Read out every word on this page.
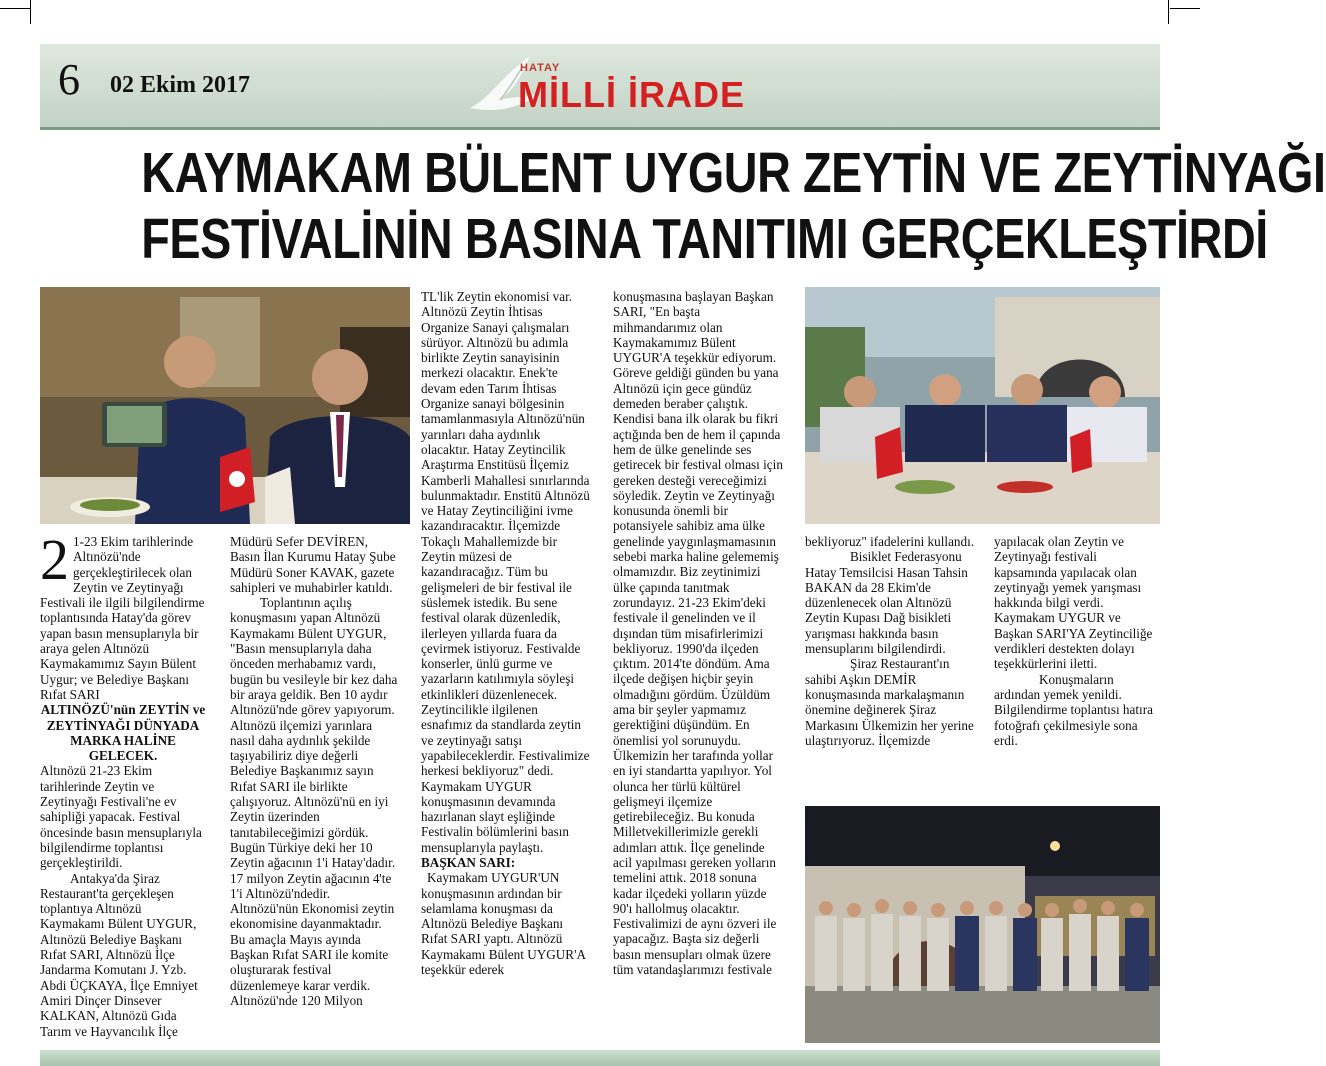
6 02 Ekim 2017
HATAY
MİLLİ İRADE
KAYMAKAM BÜLENT UYGUR ZEYTİN VE ZEYTİNYAĞI
FESTİVALİNİN BASINA TANITIMI GERÇEKLEŞTİRDİ
2 1-23 Ekim tarihlerinde Altınözü'nde gerçekleştirilecek olan Zeytin ve Zeytinyağı Festivali ile ilgili bilgilendirme toplantısında Hatay'da görev yapan basın mensuplarıyla bir araya gelen Altınözü Kaymakamımız Sayın Bülent Uygur; ve Belediye Başkanı Rıfat SARI

ALTINÖZÜ'nün ZEYTİN ve ZEYTİNYAĞI DÜNYADA MARKA HALİNE GELECEK.

Altınözü 21-23 Ekim tarihlerinde Zeytin ve Zeytinyağı Festivali'ne ev sahipliği yapacak. Festival öncesinde basın mensuplarıyla bilgilendirme toplantısı gerçekleştirildi.

Antakya'da Şiraz Restaurant'ta gerçekleşen toplantıya Altınözü Kaymakamı Bülent UYGUR, Altınözü Belediye Başkanı Rıfat SARI, Altınözü İlçe Jandarma Komutanı J. Yzb. Abdi ÜÇKAYA, İlçe Emniyet Amiri Dinçer Dinsever KALKAN, Altınözü Gıda Tarım ve Hayvancılık İlçe

Müdürü Sefer DEVİREN, Basın İlan Kurumu Hatay Şube Müdürü Soner KAVAK, gazete sahipleri ve muhabirler katıldı.

Toplantının açılış konuşmasını yapan Altınözü Kaymakamı Bülent UYGUR, "Basın mensuplarıyla daha önceden merhabamız vardı, bugün bu vesileyle bir kez daha bir araya geldik. Ben 10 aydır Altınözü'nde görev yapıyorum. Altınözü ilçemizi yarınlara nasıl daha aydınlık şekilde taşıyabiliriz diye değerli Belediye Başkanımız sayın Rıfat SARI ile birlikte çalışıyoruz. Altınözü'nü en iyi Zeytin üzerinden tanıtabileceğimizi gördük. Bugün Türkiye deki her 10 Zeytin ağacının 1'i Hatay'dadır. 17 milyon Zeytin ağacının 4'te 1'i Altınözü'ndedir. Altınözü'nün Ekonomisi zeytin ekonomisine dayanmaktadır. Bu amaçla Mayıs ayında Başkan Rıfat SARI ile komite oluşturarak festival düzenlemeye karar verdik. Altınözü'nde 120 Milyon

TL'lik Zeytin ekonomisi var. Altınözü Zeytin İhtisas Organize Sanayi çalışmaları sürüyor. Altınözü bu adımla birlikte Zeytin sanayisinin merkezi olacaktır. Enek'te devam eden Tarım İhtisas Organize sanayi bölgesinin tamamlanmasıyla Altınözü'nün yarınları daha aydınlık olacaktır. Hatay Zeytincilik Araştırma Enstitüsü İlçemiz Kamberli Mahallesi sınırlarında bulunmaktadır. Enstitü Altınözü ve Hatay Zeytinciliğini ivme kazandıracaktır. İlçemizde Tokaçlı Mahallemizde bir Zeytin müzesi de kazandıracağız. Tüm bu gelişmeleri de bir festival ile süslemek istedik. Bu sene festival olarak düzenledik, ilerleyen yıllarda fuara da çevirmek istiyoruz. Festivalde konserler, ünlü gurme ve yazarların katılımıyla söyleşi etkinlikleri düzenlenecek. Zeytincilikle ilgilenen esnafımız da standlarda zeytin ve zeytinyağı satışı yapabileceklerdir. Festivalimize herkesi bekliyoruz" dedi. Kaymakam UYGUR konuşmasının devamında hazırlanan slayt eşliğinde Festivalin bölümlerini basın mensuplarıyla paylaştı.

BAŞKAN SARI:

Kaymakam UYGUR'UN konuşmasının ardından bir selamlama konuşması da Altınözü Belediye Başkanı Rıfat SARI yaptı. Altınözü Kaymakamı Bülent UYGUR'A teşekkür ederek

konuşmasına başlayan Başkan SARI, "En başta mihmandarımız olan Kaymakamımız Bülent UYGUR'A teşekkür ediyorum. Göreve geldiği günden bu yana Altınözü için gece gündüz demeden beraber çalıştık. Kendisi bana ilk olarak bu fikri açtığında ben de hem il çapında hem de ülke genelinde ses getirecek bir festival olması için gereken desteği vereceğimizi söyledik. Zeytin ve Zeytinyağı konusunda önemli bir potansiyele sahibiz ama ülke genelinde yaygınlaşmamasının sebebi marka haline gelememiş olmamızdır. Biz zeytinimizi ülke çapında tanıtmak zorundayız. 21-23 Ekim'deki festivale il genelinden ve il dışından tüm misafirlerimizi bekliyoruz. 1990'da ilçeden çıktım. 2014'te döndüm. Ama ilçede değişen hiçbir şeyin olmadığını gördüm. Üzüldüm ama bir şeyler yapmamız gerektiğini düşündüm. En önemlisi yol sorunuydu. Ülkemizin her tarafında yollar en iyi standartta yapılıyor. Yol olunca her türlü kültürel gelişmeyi ilçemize getirebileceğiz. Bu konuda Milletvekillerimizle gerekli adımları attık. İlçe genelinde acil yapılması gereken yolların temelini attık. 2018 sonuna kadar ilçedeki yolların yüzde 90'ı hallolmuş olacaktır. Festivalimizi de aynı özveri ile yapacağız. Başta siz değerli basın mensupları olmak üzere tüm vatandaşlarımızı festivale

bekliyoruz" ifadelerini kullandı.

Bisiklet Federasyonu Hatay Temsilcisi Hasan Tahsin BAKAN da 28 Ekim'de düzenlenecek olan Altınözü Zeytin Kupası Dağ bisikleti yarışması hakkında basın mensuplarını bilgilendirdi.

Şiraz Restaurant'ın sahibi Aşkın DEMİR konuşmasında markalaşmanın önemine değinerek Şiraz Markasını Ülkemizin her yerine ulaştırıyoruz. İlçemizde

yapılacak olan Zeytin ve Zeytinyağı festivali kapsamında yapılacak olan zeytinyağı yemek yarışması hakkında bilgi verdi. Kaymakam UYGUR ve Başkan SARI'YA Zeytinciliğe verdikleri destekten dolayı teşekkürlerini iletti.

Konuşmaların ardından yemek yenildi. Bilgilendirme toplantısı hatıra fotoğrafı çekilmesiyle sona erdi.
